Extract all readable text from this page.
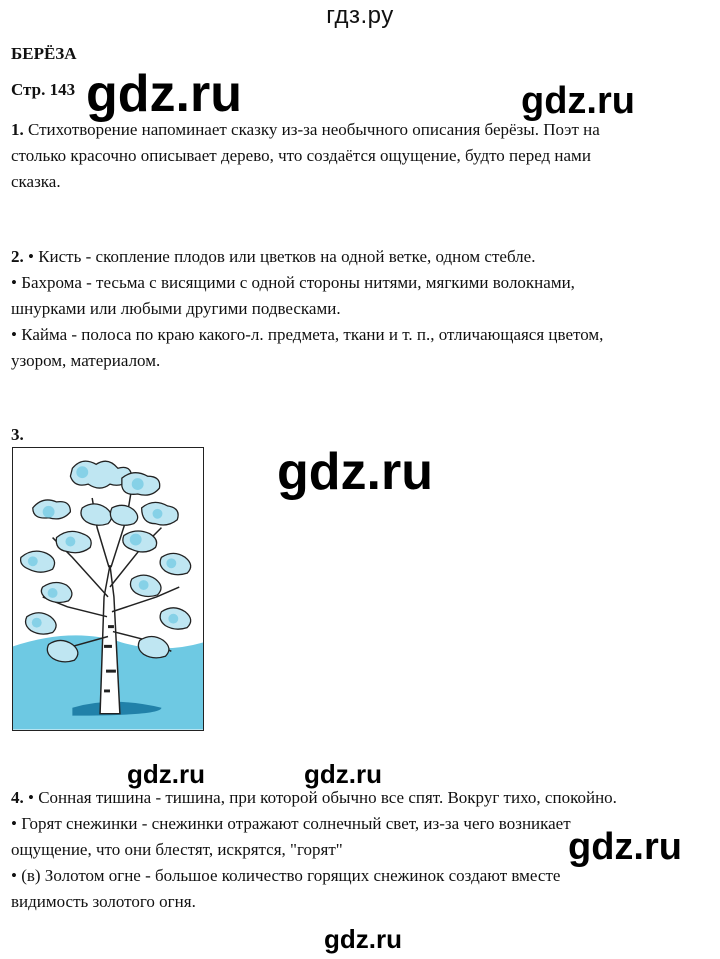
гдз.ру
БЕРЁЗА
Стр. 143 gdz.ru	gdz.ru
gdz.ru
gdz.ru	gdz.ru
gdz.ru
gdz.ru

1. Стихотворение напоминает сказку из-за необычного описания берёзы. Поэт на
столько красочно описывает дерево, что создаётся ощущение, будто перед нами
сказка.

2. • Кисть - скопление плодов или цветков на одной ветке, одном стебле.
• Бахрома - тесьма с висящими с одной стороны нитями, мягкими волокнами,
шнурками или любыми другими подвесками.
• Кайма - полоса по краю какого-л. предмета, ткани и т. п., отличающаяся цветом,
узором, материалом.

3.

4. • Сонная тишина - тишина, при которой обычно все спят. Вокруг тихо, спокойно.
• Горят снежинки - снежинки отражают солнечный свет, из-за чего возникает
ощущение, что они блестят, искрятся, "горят"
• (в) Золотом огне - большое количество горящих снежинок создают вместе
видимость золотого огня.
